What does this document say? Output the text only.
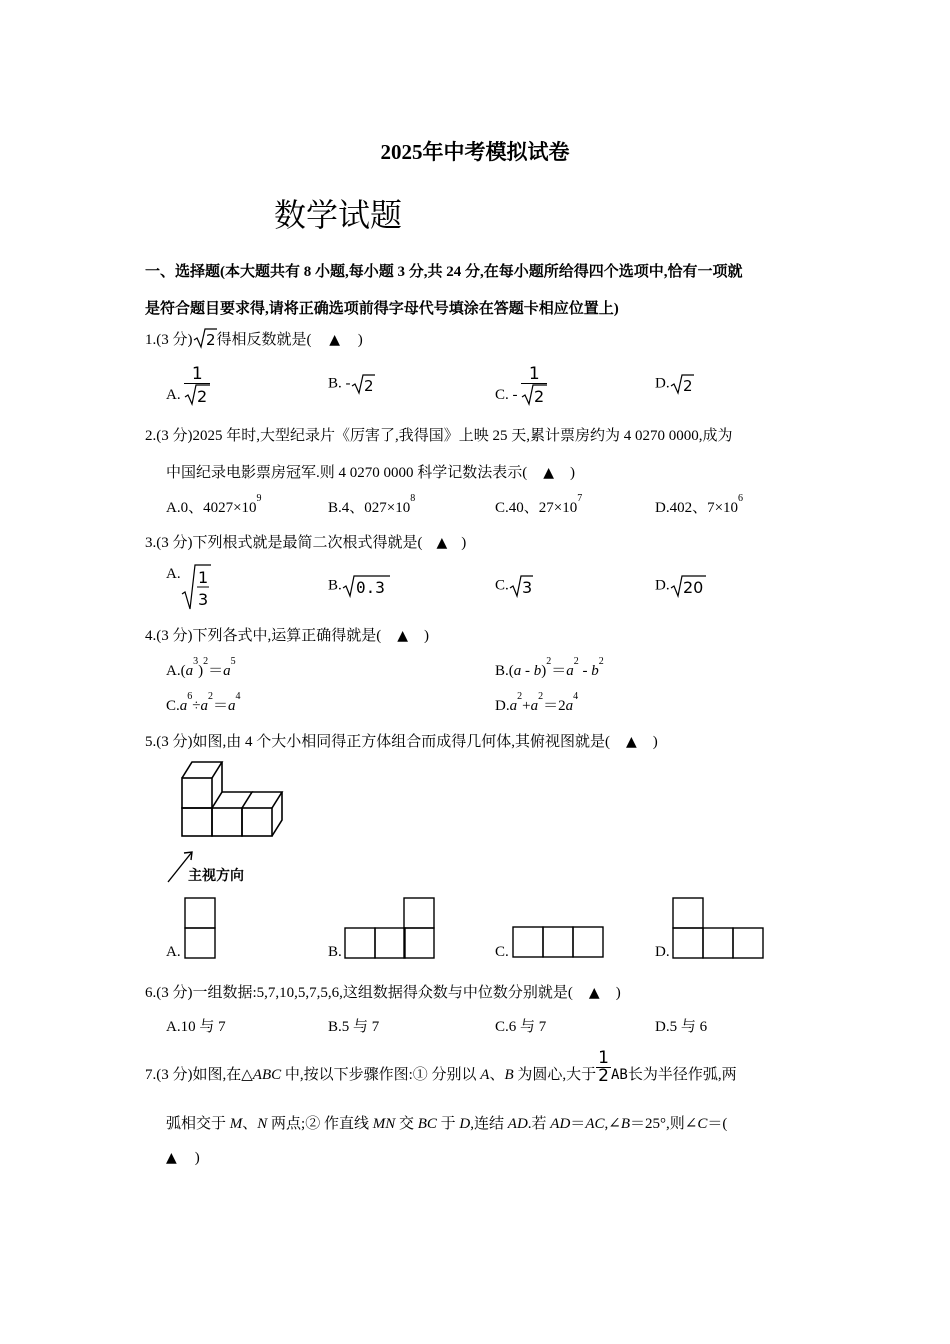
2025年中考模拟试卷
数学试题
一、选择题(本大题共有 8 小题,每小题 3 分,共 24 分,在每小题所给得四个选项中,恰有一项就
是符合题目要求得,请将正确选项前得字母代号填涂在答题卡相应位置上)
1.(3 分) 2 得相反数就是( ▲ )
A. $\frac{1}{2}$	B. - 2	C. - $\frac{1}{2}$	D. 2
2.(3 分)2025 年时,大型纪录片《厉害了,我得国》上映 25 天,累计票房约为 4 0270 0000,成为
中国纪录电影票房冠军.则 4 0270 0000 科学记数法表示( ▲ )
A.0、$4027\times 10^9$
B.4、$027\times 10^8$
C.40、$27\times 10^7$
D.402、$7\times 10^6$
3.(3 分)下列根式就是最简二次根式得就是( ▲ )
A. 1
3
B. 0.3	C. 3	D. 20
4.(3 分)下列各式中,运算正确得就是( ▲ )
$A.(a^3)^2=a^5$
$B.(a - b)^2=a^2 - b^2$
$C.a^6\div a^2=a^4$
$D.a^2+a^2=2a^4$
5.(3 分)如图,由 4 个大小相同得正方体组合而成得几何体,其俯视图就是( ▲ )
主视方向
A.	B.	C.	D.
6.(3 分)一组数据:5,7,10,5,7,5,6,这组数据得众数与中位数分别就是( ▲ )
A.10 与 7	B.5 与 7	C.6 与 7	D.5 与 6
7.(3 分)如图,在△ABC 中,按以下步骤作图:① 分别以 A、B 为圆心,大于 $\frac{1}{2}$ AB长为半径作弧,两
弧相交于 M、N 两点;② 作直线 MN 交 BC 于 D,连结 AD.若 AD＝AC,∠B＝25°,则∠C＝(
▲ )
